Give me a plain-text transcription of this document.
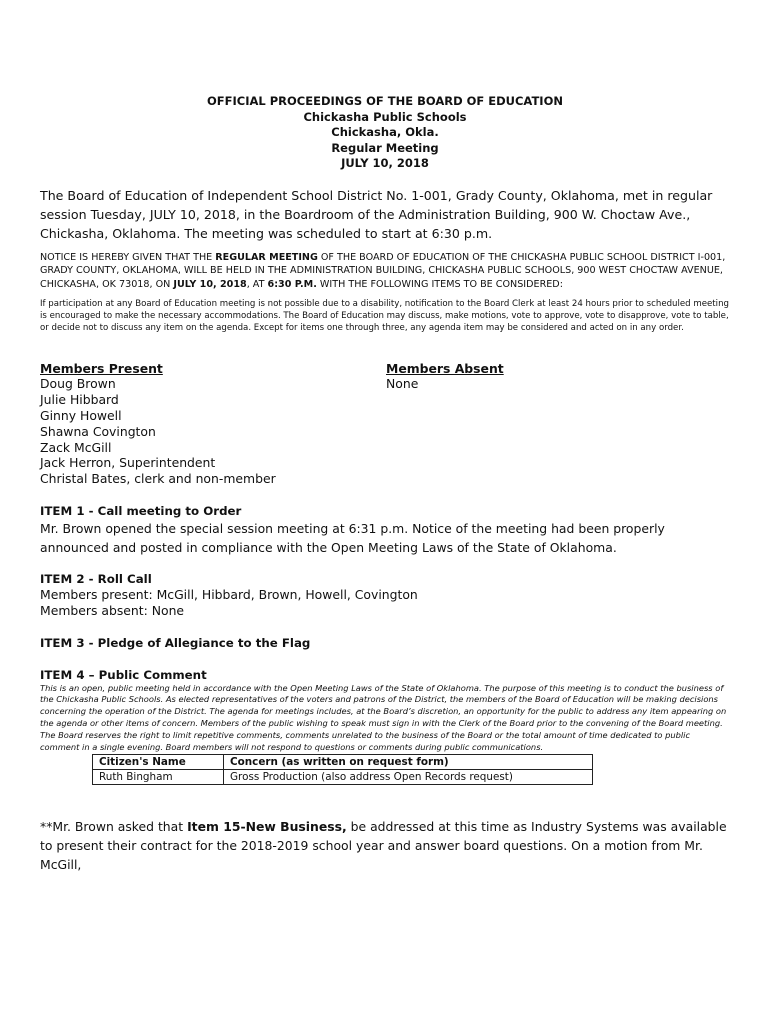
OFFICIAL PROCEEDINGS OF THE BOARD OF EDUCATION
Chickasha Public Schools
Chickasha, Okla.
Regular Meeting
JULY 10, 2018

The Board of Education of Independent School District No. 1-001, Grady County, Oklahoma, met in regular session Tuesday, JULY 10, 2018, in the Boardroom of the Administration Building, 900 W. Choctaw Ave., Chickasha, Oklahoma. The meeting was scheduled to start at 6:30 p.m.

NOTICE IS HEREBY GIVEN THAT THE REGULAR MEETING OF THE BOARD OF EDUCATION OF THE CHICKASHA PUBLIC SCHOOL DISTRICT I-001, GRADY COUNTY, OKLAHOMA, WILL BE HELD IN THE ADMINISTRATION BUILDING, CHICKASHA PUBLIC SCHOOLS, 900 WEST CHOCTAW AVENUE, CHICKASHA, OK 73018, ON JULY 10, 2018, AT 6:30 P.M. WITH THE FOLLOWING ITEMS TO BE CONSIDERED:

If participation at any Board of Education meeting is not possible due to a disability, notification to the Board Clerk at least 24 hours prior to scheduled meeting is encouraged to make the necessary accommodations. The Board of Education may discuss, make motions, vote to approve, vote to disapprove, vote to table, or decide not to discuss any item on the agenda. Except for items one through three, any agenda item may be considered and acted on in any order.

Members Present
Doug Brown
Julie Hibbard
Ginny Howell
Shawna Covington
Zack McGill
Jack Herron, Superintendent
Christal Bates, clerk and non-member
Members Absent
None
ITEM 1 - Call meeting to Order
Mr. Brown opened the special session meeting at 6:31 p.m. Notice of the meeting had been properly announced and posted in compliance with the Open Meeting Laws of the State of Oklahoma.
ITEM 2 - Roll Call
Members present: McGill, Hibbard, Brown, Howell, Covington
Members absent: None
ITEM 3 - Pledge of Allegiance to the Flag
ITEM 4 – Public Comment
This is an open, public meeting held in accordance with the Open Meeting Laws of the State of Oklahoma. The purpose of this meeting is to conduct the business of the Chickasha Public Schools. As elected representatives of the voters and patrons of the District, the members of the Board of Education will be making decisions concerning the operation of the District. The agenda for meetings includes, at the Board’s discretion, an opportunity for the public to address any item appearing on the agenda or other items of concern. Members of the public wishing to speak must sign in with the Clerk of the Board prior to the convening of the Board meeting. The Board reserves the right to limit repetitive comments, comments unrelated to the business of the Board or the total amount of time dedicated to public comment in a single evening. Board members will not respond to questions or comments during public communications.
Citizen's Name	Concern (as written on request form)
Ruth Bingham	Gross Production (also address Open Records request)
**Mr. Brown asked that Item 15-New Business, be addressed at this time as Industry Systems was available to present their contract for the 2018-2019 school year and answer board questions. On a motion from Mr. McGill,
